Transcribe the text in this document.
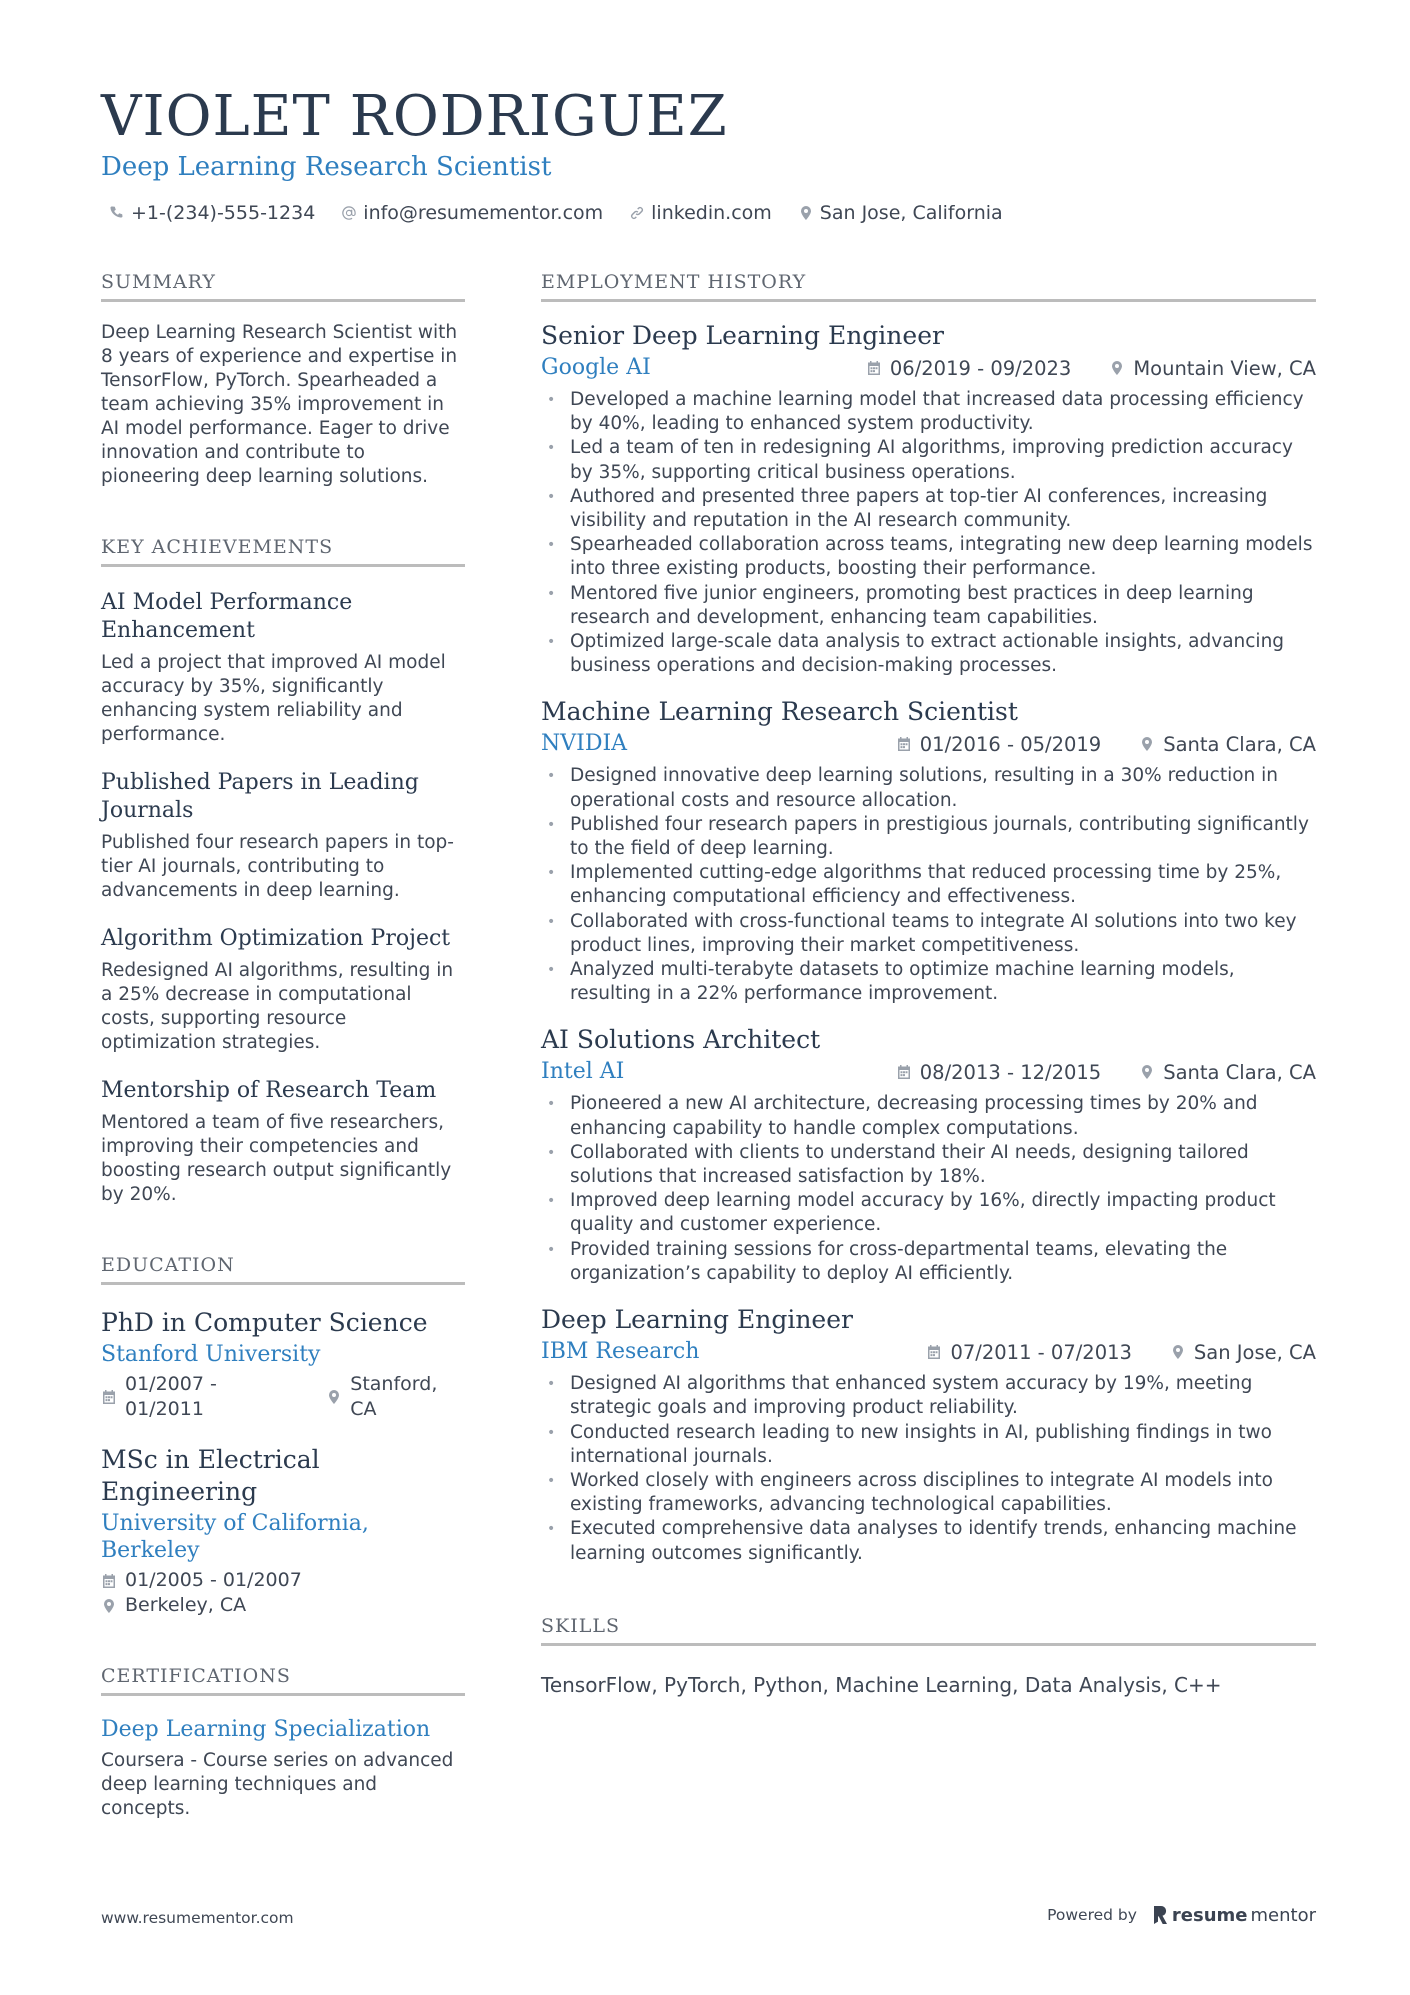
VIOLET RODRIGUEZ
Deep Learning Research Scientist
+1-(234)-555-1234	info@resumementor.com	linkedin.com	San Jose, California
SUMMARY
Deep Learning Research Scientist with 8 years of experience and expertise in TensorFlow, PyTorch. Spearheaded a team achieving 35% improvement in AI model performance. Eager to drive innovation and contribute to pioneering deep learning solutions.
KEY ACHIEVEMENTS
AI Model Performance Enhancement
Led a project that improved AI model accuracy by 35%, significantly enhancing system reliability and performance.
Published Papers in Leading Journals
Published four research papers in top-tier AI journals, contributing to advancements in deep learning.
Algorithm Optimization Project
Redesigned AI algorithms, resulting in a 25% decrease in computational costs, supporting resource optimization strategies.
Mentorship of Research Team
Mentored a team of five researchers, improving their competencies and boosting research output significantly by 20%.
EDUCATION
PhD in Computer Science
Stanford University
01/2007 - 01/2011
Stanford, CA
MSc in Electrical Engineering
University of California, Berkeley
01/2005 - 01/2007
Berkeley, CA
CERTIFICATIONS
Deep Learning Specialization
Coursera - Course series on advanced deep learning techniques and concepts.
EMPLOYMENT HISTORY
Senior Deep Learning Engineer
Google AI	06/2019 - 09/2023	Mountain View, CA
• Developed a machine learning model that increased data processing efficiency by 40%, leading to enhanced system productivity.
• Led a team of ten in redesigning AI algorithms, improving prediction accuracy by 35%, supporting critical business operations.
• Authored and presented three papers at top-tier AI conferences, increasing visibility and reputation in the AI research community.
• Spearheaded collaboration across teams, integrating new deep learning models into three existing products, boosting their performance.
• Mentored five junior engineers, promoting best practices in deep learning research and development, enhancing team capabilities.
• Optimized large-scale data analysis to extract actionable insights, advancing business operations and decision-making processes.
Machine Learning Research Scientist
NVIDIA	01/2016 - 05/2019	Santa Clara, CA
• Designed innovative deep learning solutions, resulting in a 30% reduction in operational costs and resource allocation.
• Published four research papers in prestigious journals, contributing significantly to the field of deep learning.
• Implemented cutting-edge algorithms that reduced processing time by 25%, enhancing computational efficiency and effectiveness.
• Collaborated with cross-functional teams to integrate AI solutions into two key product lines, improving their market competitiveness.
• Analyzed multi-terabyte datasets to optimize machine learning models, resulting in a 22% performance improvement.
AI Solutions Architect
Intel AI	08/2013 - 12/2015	Santa Clara, CA
• Pioneered a new AI architecture, decreasing processing times by 20% and enhancing capability to handle complex computations.
• Collaborated with clients to understand their AI needs, designing tailored solutions that increased satisfaction by 18%.
• Improved deep learning model accuracy by 16%, directly impacting product quality and customer experience.
• Provided training sessions for cross-departmental teams, elevating the organization’s capability to deploy AI efficiently.
Deep Learning Engineer
IBM Research	07/2011 - 07/2013	San Jose, CA
• Designed AI algorithms that enhanced system accuracy by 19%, meeting strategic goals and improving product reliability.
• Conducted research leading to new insights in AI, publishing findings in two international journals.
• Worked closely with engineers across disciplines to integrate AI models into existing frameworks, advancing technological capabilities.
• Executed comprehensive data analyses to identify trends, enhancing machine learning outcomes significantly.
SKILLS
TensorFlow, PyTorch, Python, Machine Learning, Data Analysis, C++
www.resumementor.com	Powered by resume mentor
